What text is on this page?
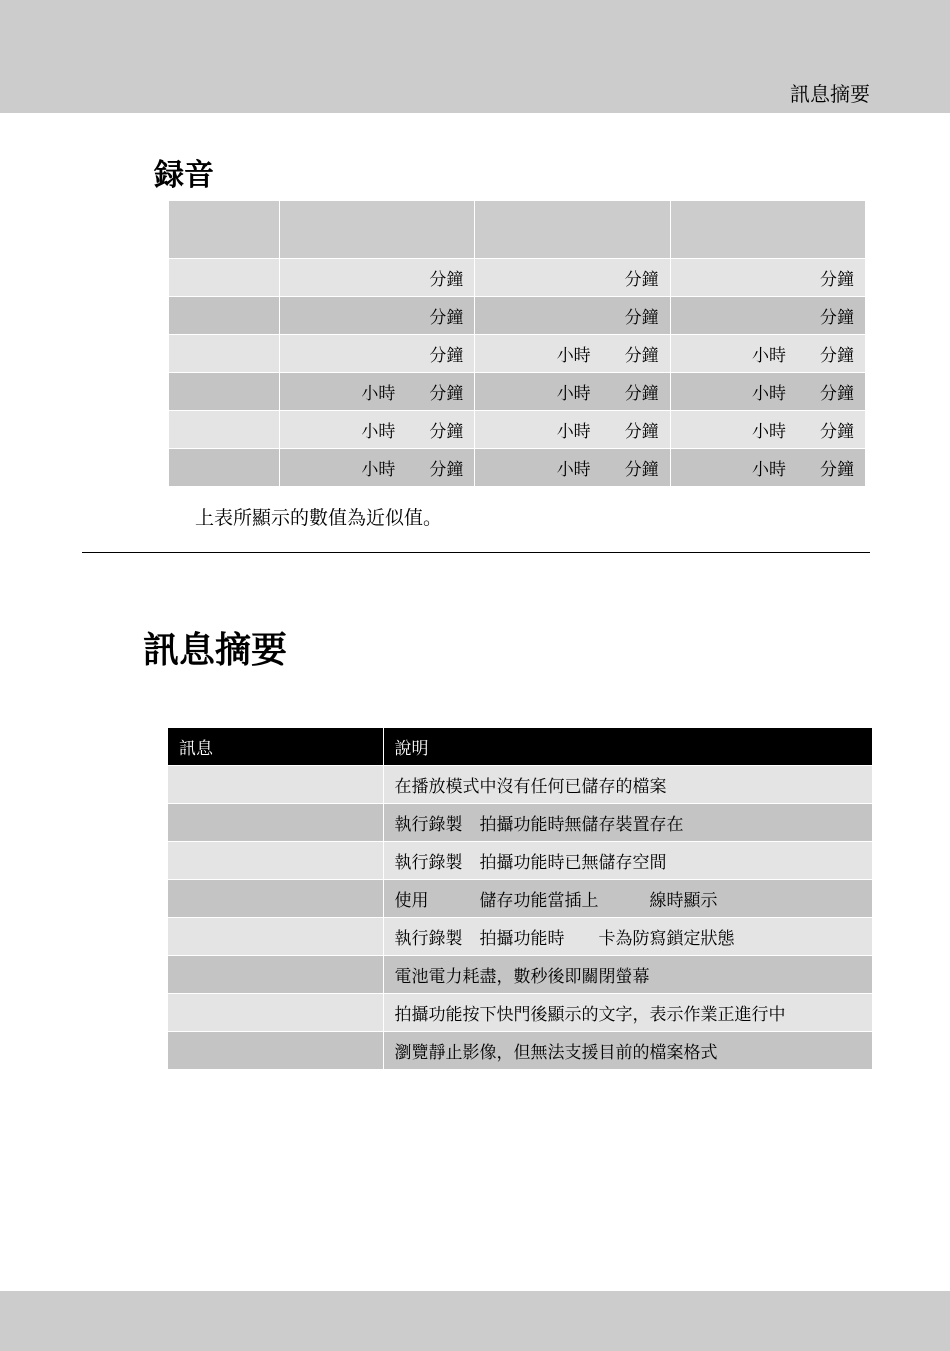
訊息摘要
録音

	分鐘	分鐘	分鐘

	分鐘	分鐘	分鐘

	分鐘	小時 分鐘	小時 分鐘

	小時 分鐘	小時 分鐘	小時 分鐘

	小時 分鐘	小時 分鐘	小時 分鐘

	小時 分鐘	小時 分鐘	小時 分鐘
上表所顯示的數值為近似值。
訊息摘要
訊息	說明
	在播放模式中沒有任何已儲存的檔案
	執行錄製　拍攝功能時無儲存裝置存在
	執行錄製　拍攝功能時已無儲存空間
	使用　　　儲存功能當插上　　　線時顯示
	執行錄製　拍攝功能時　　卡為防寫鎖定狀態
	電池電力耗盡，數秒後即關閉螢幕
	拍攝功能按下快門後顯示的文字，表示作業正進行中
	瀏覽靜止影像，但無法支援目前的檔案格式
